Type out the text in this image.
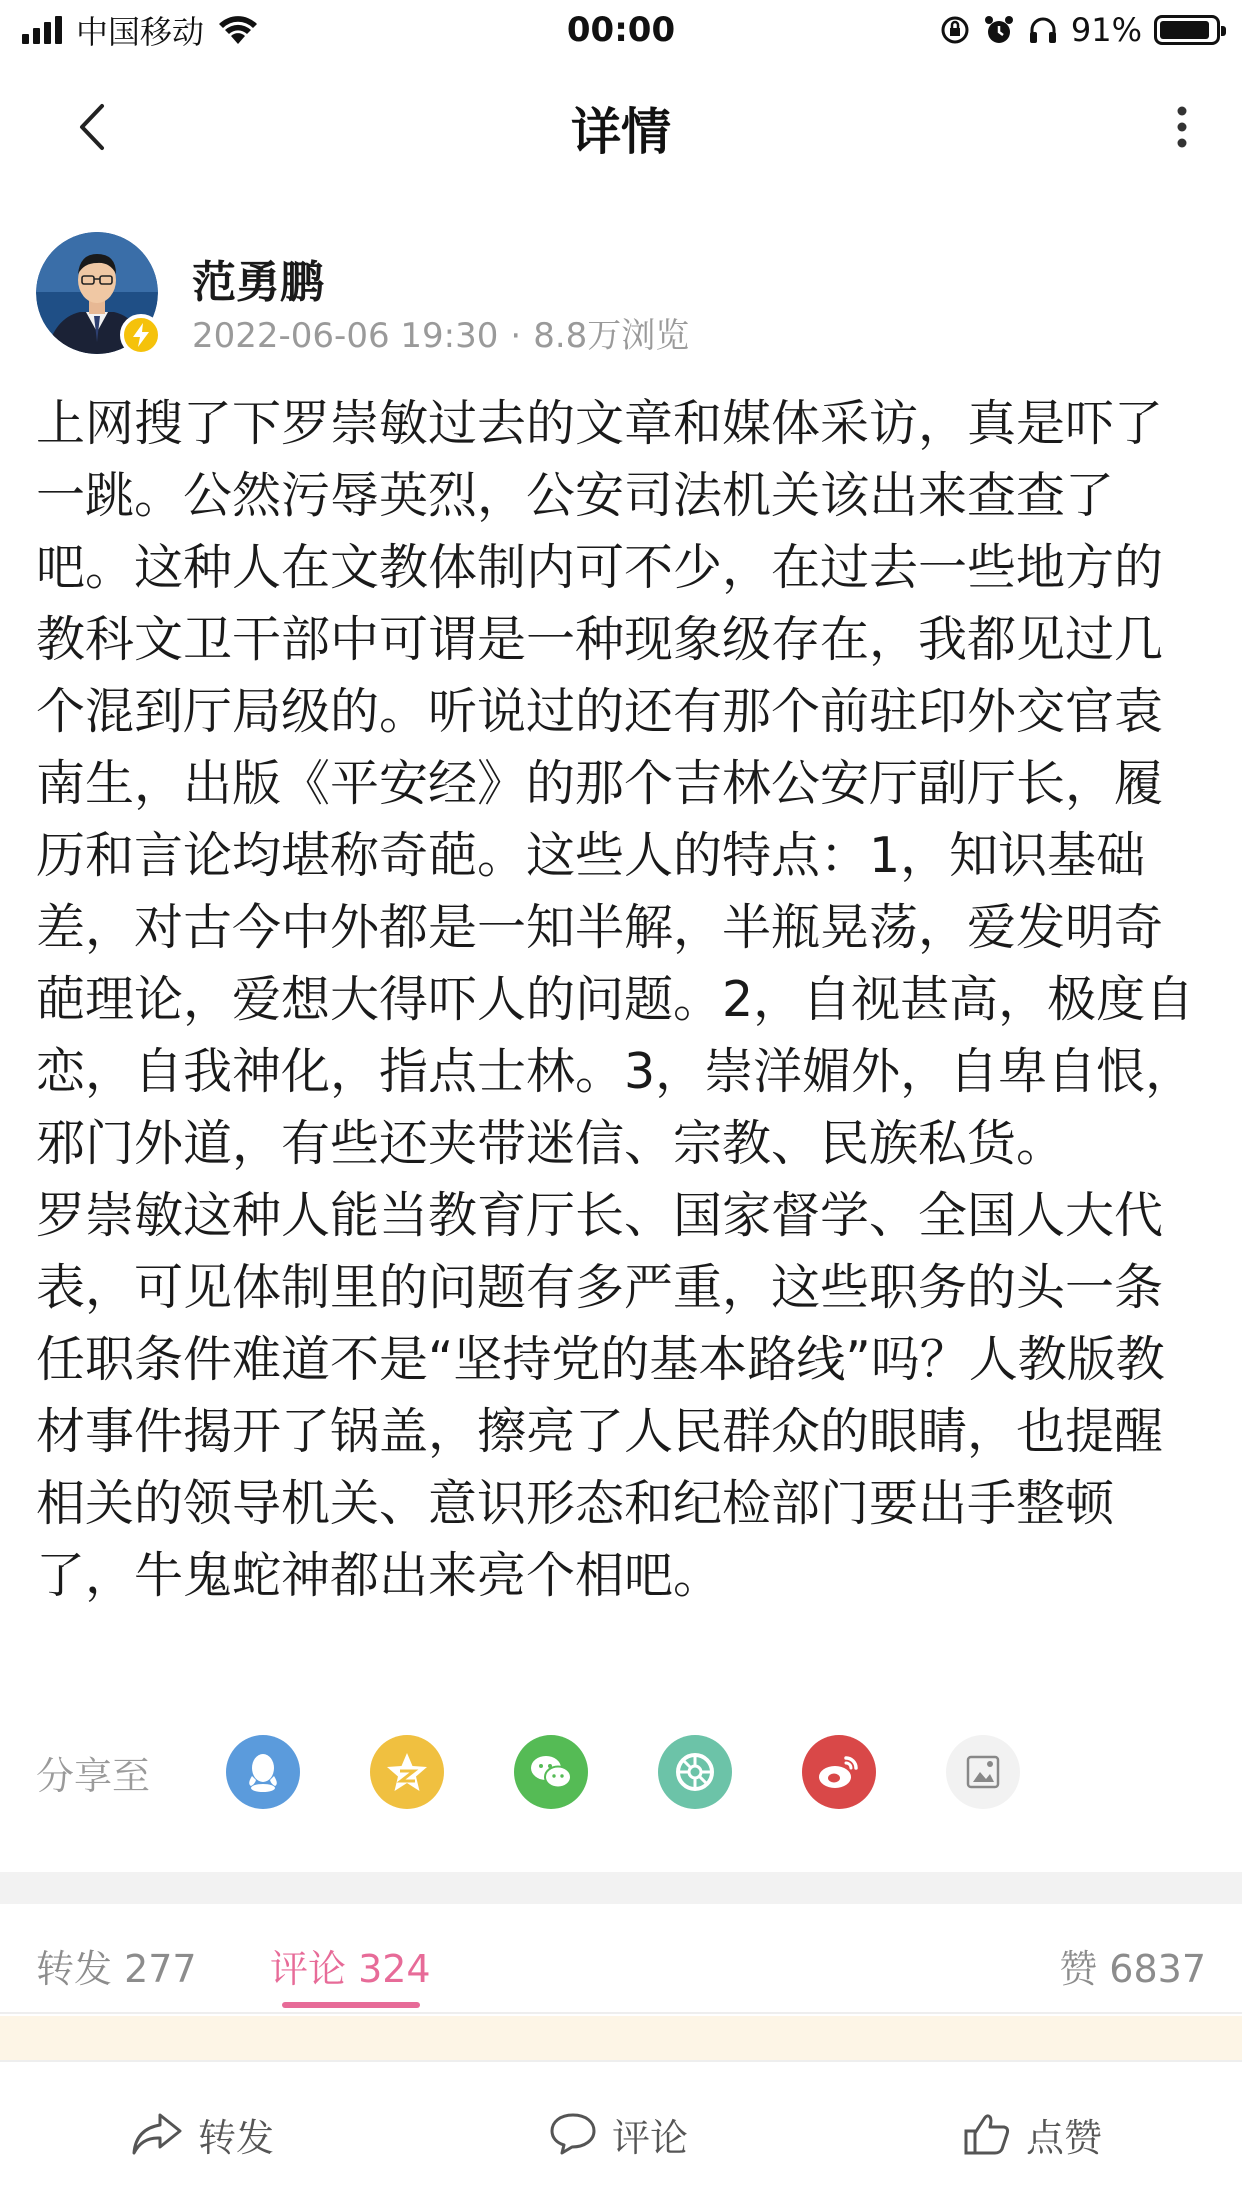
中国移动	00:00	91%
详情
范勇鹏
2022-06-06 19:30 · 8.8万浏览
上网搜了下罗崇敏过去的文章和媒体采访，真是吓了一跳。公然污辱英烈，公安司法机关该出来查查了吧。这种人在文教体制内可不少，在过去一些地方的教科文卫干部中可谓是一种现象级存在，我都见过几个混到厅局级的。听说过的还有那个前驻印外交官袁南生，出版《平安经》的那个吉林公安厅副厅长，履历和言论均堪称奇葩。这些人的特点：1，知识基础差，对古今中外都是一知半解，半瓶晃荡，爱发明奇葩理论，爱想大得吓人的问题。2，自视甚高，极度自恋，自我神化，指点士林。3，崇洋媚外，自卑自恨，邪门外道，有些还夹带迷信、宗教、民族私货。
罗崇敏这种人能当教育厅长、国家督学、全国人大代表，可见体制里的问题有多严重，这些职务的头一条任职条件难道不是“坚持党的基本路线”吗？人教版教材事件揭开了锅盖，擦亮了人民群众的眼睛，也提醒相关的领导机关、意识形态和纪检部门要出手整顿了，牛鬼蛇神都出来亮个相吧。
分享至
转发 277 评论 324	赞 6837
转发	评论	点赞
